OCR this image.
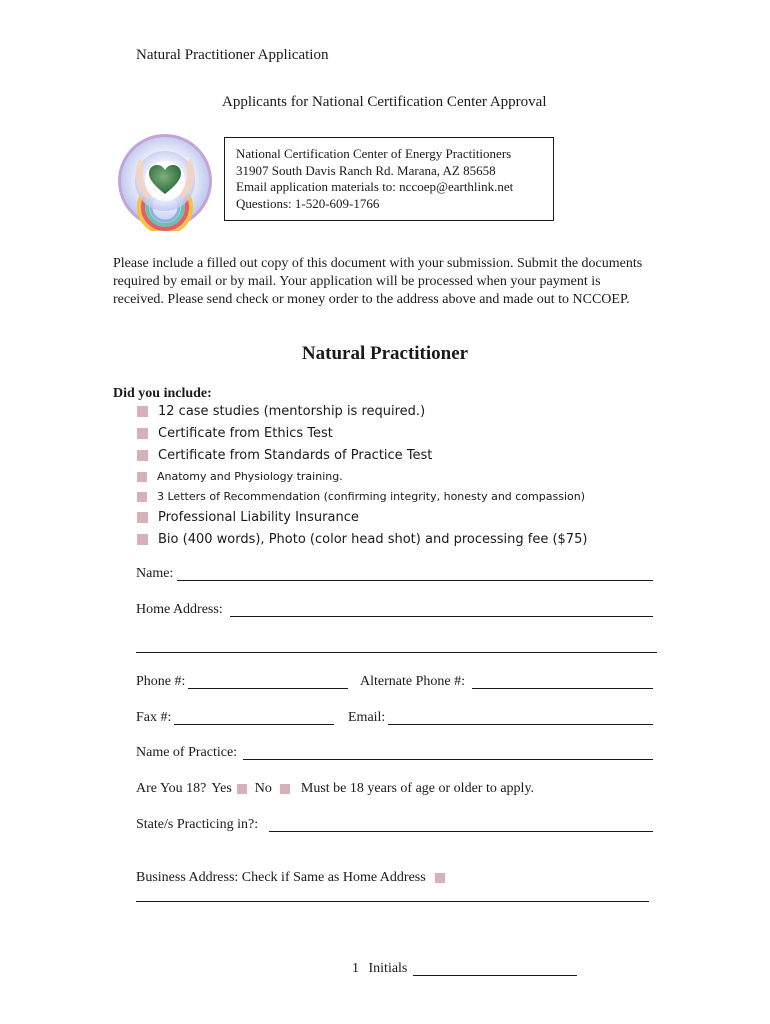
Natural Practitioner Application
Applicants for National Certification Center Approval
National Certification Center of Energy Practitioners
31907 South Davis Ranch Rd. Marana, AZ 85658
Email application materials to: nccoep@earthlink.net
Questions: 1-520-609-1766
Please include a filled out copy of this document with your submission. Submit the documents required by email or by mail. Your application will be processed when your payment is received. Please send check or money order to the address above and made out to NCCOEP.
Natural Practitioner
Did you include:
12 case studies (mentorship is required.)
Certificate from Ethics Test
Certificate from Standards of Practice Test
Anatomy and Physiology training.
3 Letters of Recommendation (confirming integrity, honesty and compassion)
Professional Liability Insurance
Bio (400 words), Photo (color head shot) and processing fee ($75)
Name:
Home Address:
Phone #:	Alternate Phone #:
Fax #:	Email:
Name of Practice:
Are You 18? Yes No Must be 18 years of age or older to apply.
State/s Practicing in?:
Business Address: Check if Same as Home Address
1 Initials
